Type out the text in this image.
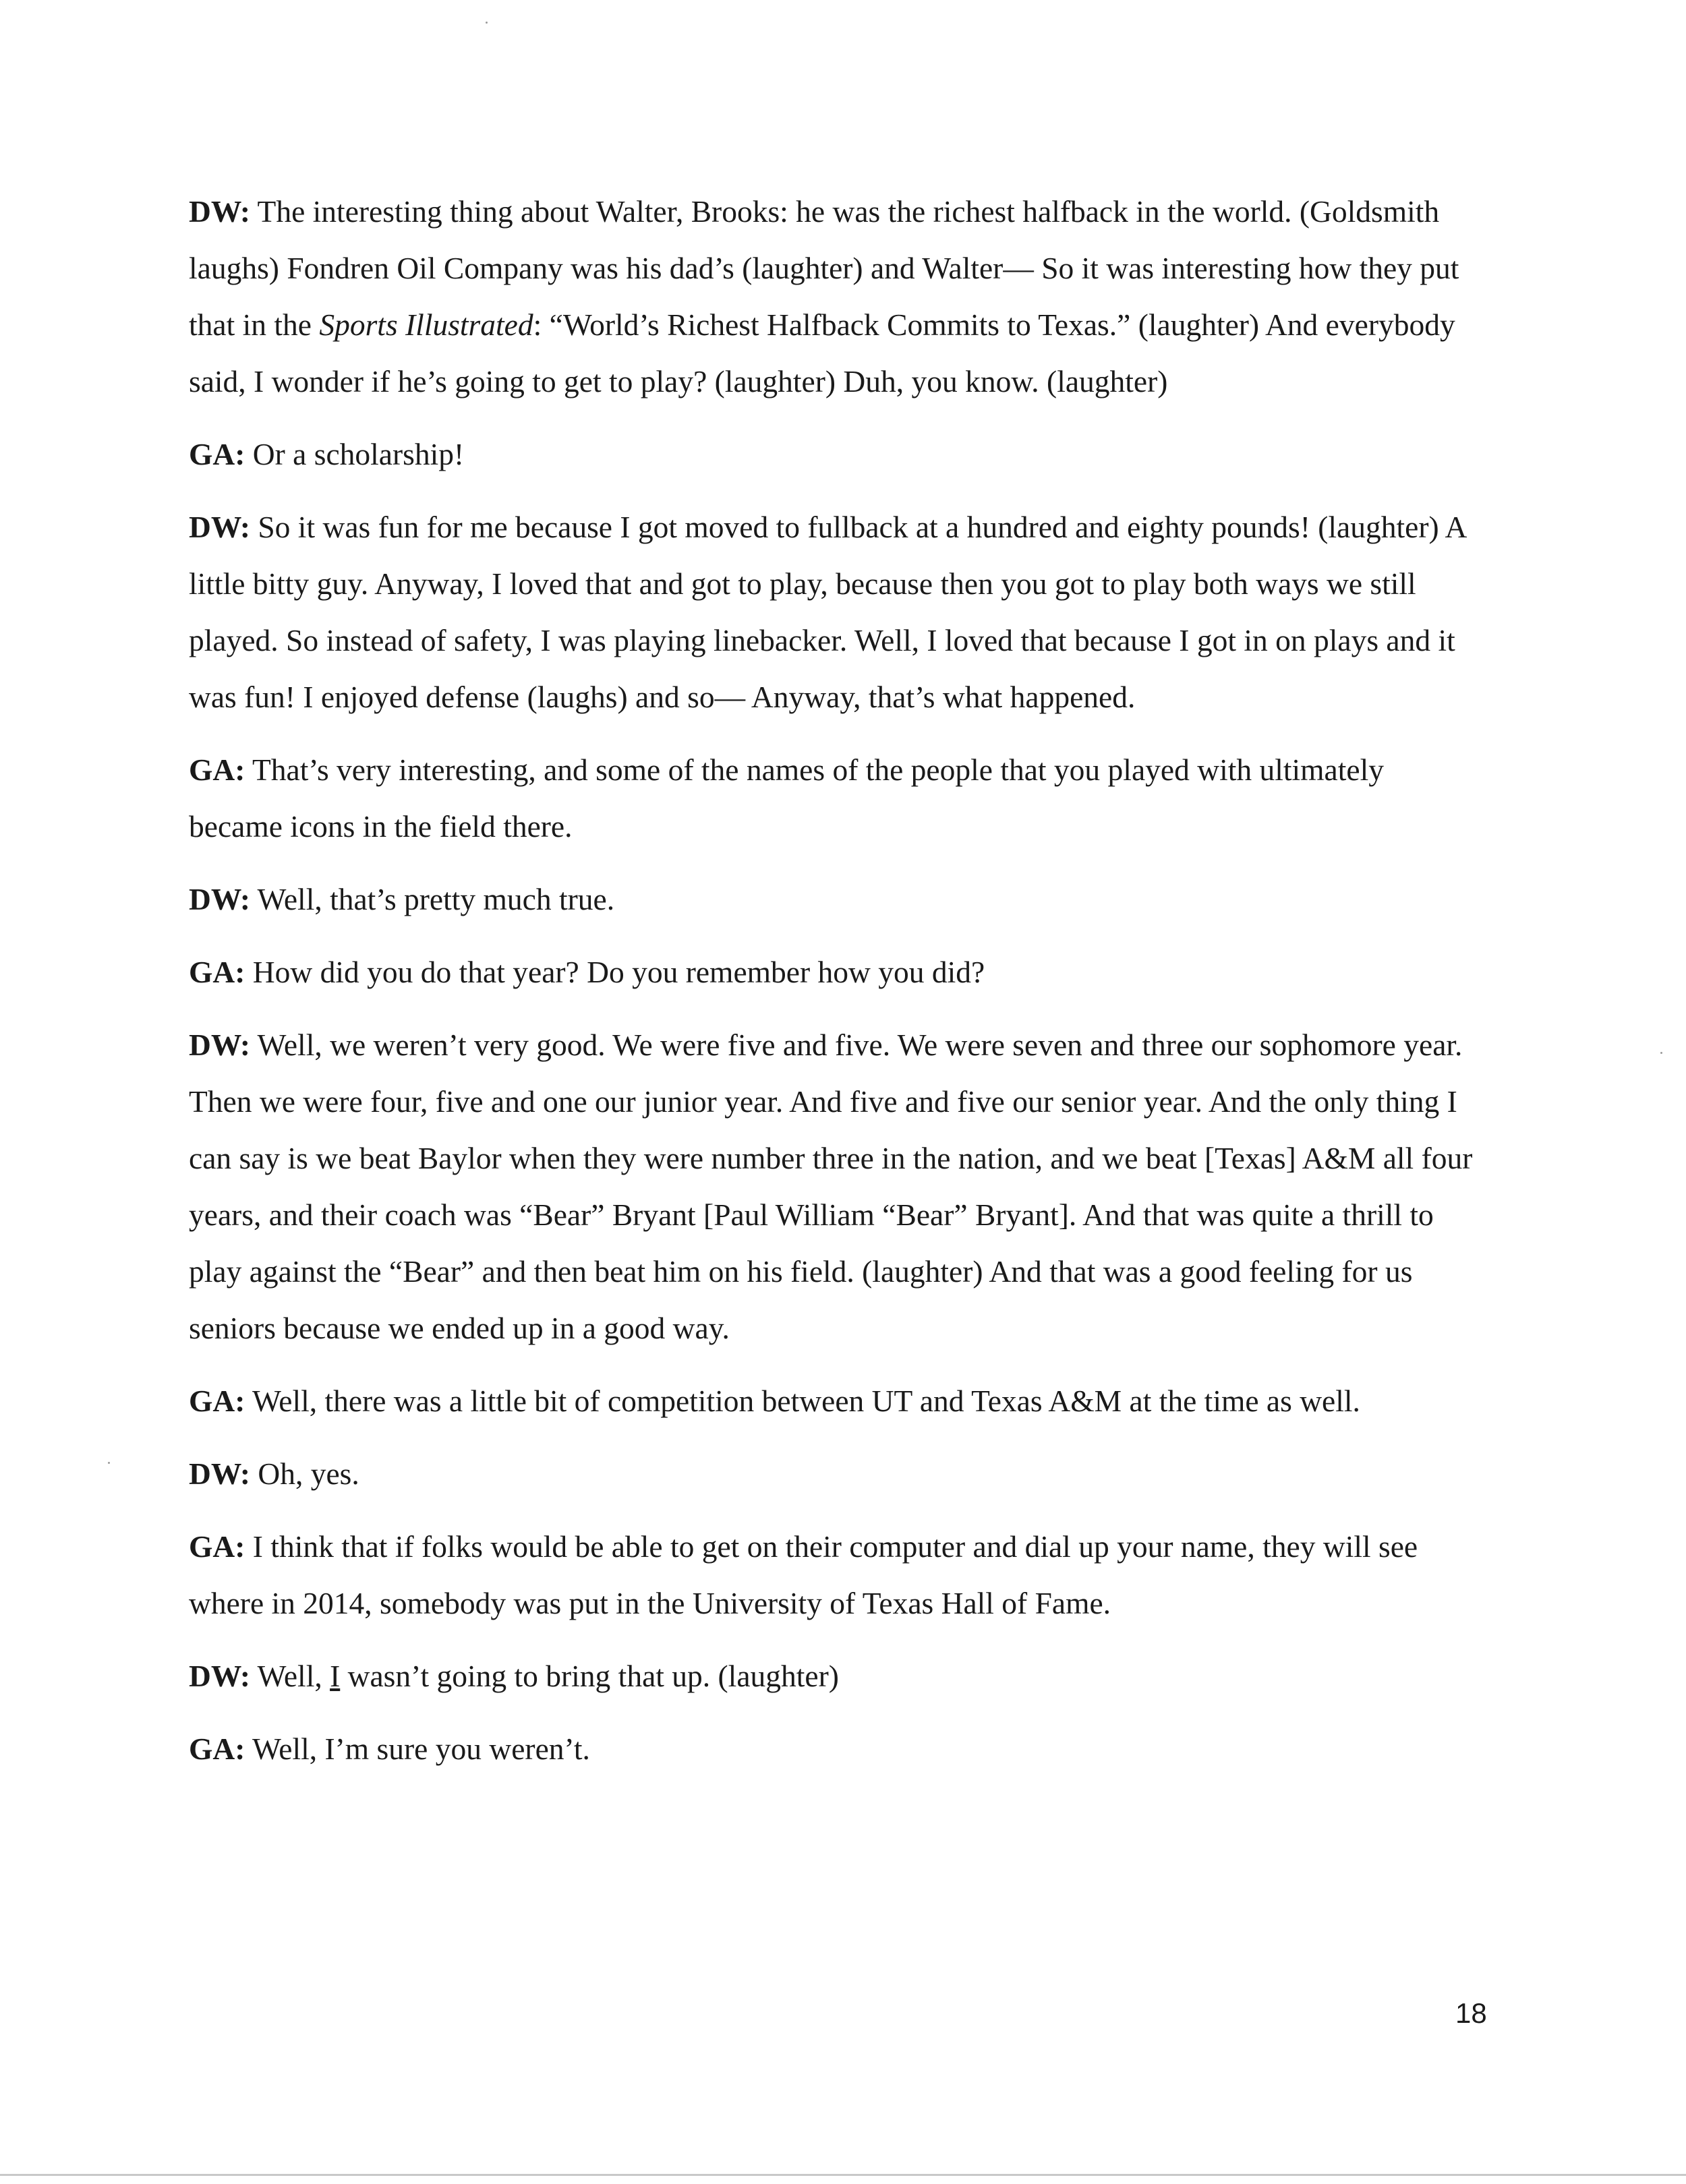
DW: The interesting thing about Walter, Brooks: he was the richest halfback in the world. (Goldsmith laughs) Fondren Oil Company was his dad’s (laughter) and Walter— So it was interesting how they put that in the Sports Illustrated: “World’s Richest Halfback Commits to Texas.” (laughter) And everybody said, I wonder if he’s going to get to play? (laughter) Duh, you know. (laughter)

GA: Or a scholarship!

DW: So it was fun for me because I got moved to fullback at a hundred and eighty pounds! (laughter) A little bitty guy. Anyway, I loved that and got to play, because then you got to play both ways we still played. So instead of safety, I was playing linebacker. Well, I loved that because I got in on plays and it was fun! I enjoyed defense (laughs) and so— Anyway, that’s what happened.

GA: That’s very interesting, and some of the names of the people that you played with ultimately became icons in the field there.

DW: Well, that’s pretty much true.

GA: How did you do that year? Do you remember how you did?

DW: Well, we weren’t very good. We were five and five. We were seven and three our sophomore year. Then we were four, five and one our junior year. And five and five our senior year. And the only thing I can say is we beat Baylor when they were number three in the nation, and we beat [Texas] A&M all four years, and their coach was “Bear” Bryant [Paul William “Bear” Bryant]. And that was quite a thrill to play against the “Bear” and then beat him on his field. (laughter) And that was a good feeling for us seniors because we ended up in a good way.

GA: Well, there was a little bit of competition between UT and Texas A&M at the time as well.

DW: Oh, yes.

GA: I think that if folks would be able to get on their computer and dial up your name, they will see where in 2014, somebody was put in the University of Texas Hall of Fame.

DW: Well, I wasn’t going to bring that up. (laughter)

GA: Well, I’m sure you weren’t.

18
